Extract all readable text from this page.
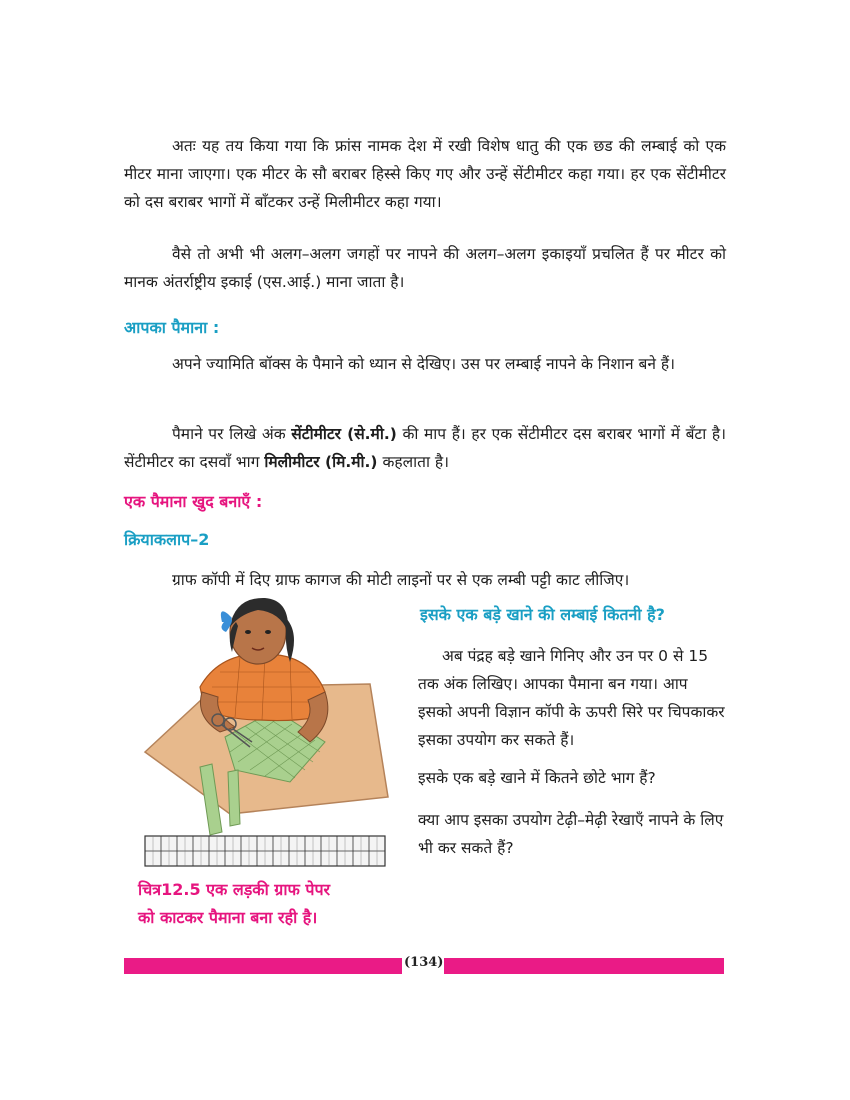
अतः यह तय किया गया कि फ्रांस नामक देश में रखी विशेष धातु की एक छड की लम्बाई को एक मीटर माना जाएगा। एक मीटर के सौ बराबर हिस्से किए गए और उन्हें सेंटीमीटर कहा गया। हर एक सेंटीमीटर को दस बराबर भागों में बाँटकर उन्हें मिलीमीटर कहा गया।

वैसे तो अभी भी अलग–अलग जगहों पर नापने की अलग–अलग इकाइयाँ प्रचलित हैं पर मीटर को मानक अंतर्राष्ट्रीय इकाई (एस.आई.) माना जाता है।

आपका पैमाना :

अपने ज्यामिति बॉक्स के पैमाने को ध्यान से देखिए। उस पर लम्बाई नापने के निशान बने हैं।

पैमाने पर लिखे अंक सेंटीमीटर (से.मी.) की माप हैं। हर एक सेंटीमीटर दस बराबर भागों में बँटा है। सेंटीमीटर का दसवाँ भाग मिलीमीटर (मि.मी.) कहलाता है।

एक पैमाना खुद बनाएँ :
क्रियाकलाप–2

ग्राफ कॉपी में दिए ग्राफ कागज की मोटी लाइनों पर से एक लम्बी पट्टी काट लीजिए।

चित्र12.5 एक लड़की ग्राफ पेपर
को काटकर पैमाना बना रही है।
इसके एक बड़े खाने की लम्बाई कितनी है?

अब पंद्रह बड़े खाने गिनिए और उन पर 0 से 15 तक अंक लिखिए। आपका पैमाना बन गया। आप इसको अपनी विज्ञान कॉपी के ऊपरी सिरे पर चिपकाकर इसका उपयोग कर सकते हैं।

इसके एक बड़े खाने में कितने छोटे भाग हैं?

क्या आप इसका उपयोग टेढ़ी–मेढ़ी रेखाएँ नापने के लिए भी कर सकते हैं?

(134)
